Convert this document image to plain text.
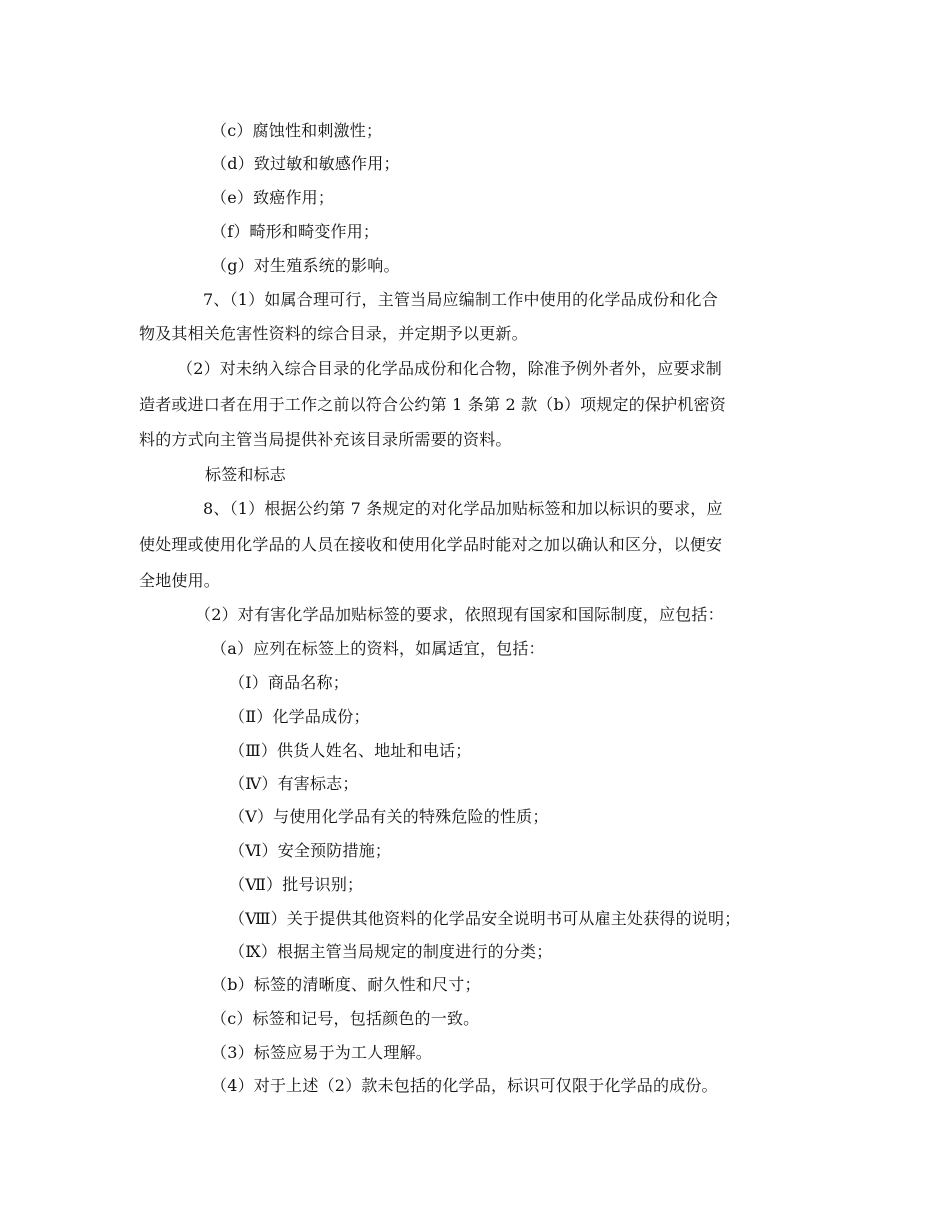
（c）腐蚀性和刺激性；
（d）致过敏和敏感作用；
（e）致癌作用；
（f）畸形和畸变作用；
（g）对生殖系统的影响。
7、（1）如属合理可行，主管当局应编制工作中使用的化学品成份和化合
物及其相关危害性资料的综合目录，并定期予以更新。
（2）对未纳入综合目录的化学品成份和化合物，除准予例外者外，应要求制
造者或进口者在用于工作之前以符合公约第 1 条第 2 款（b）项规定的保护机密资
料的方式向主管当局提供补充该目录所需要的资料。
标签和标志
8、（1）根据公约第 7 条规定的对化学品加贴标签和加以标识的要求，应
使处理或使用化学品的人员在接收和使用化学品时能对之加以确认和区分，以便安
全地使用。
（2）对有害化学品加贴标签的要求，依照现有国家和国际制度，应包括：
（a）应列在标签上的资料，如属适宜，包括：
（Ⅰ）商品名称；
（Ⅱ）化学品成份；
（Ⅲ）供货人姓名、地址和电话；
（Ⅳ）有害标志；
（Ⅴ）与使用化学品有关的特殊危险的性质；
（Ⅵ）安全预防措施；
（Ⅶ）批号识别；
（Ⅷ）关于提供其他资料的化学品安全说明书可从雇主处获得的说明；
（Ⅸ）根据主管当局规定的制度进行的分类；
（b）标签的清晰度、耐久性和尺寸；
（c）标签和记号，包括颜色的一致。
（3）标签应易于为工人理解。
（4）对于上述（2）款未包括的化学品，标识可仅限于化学品的成份。
